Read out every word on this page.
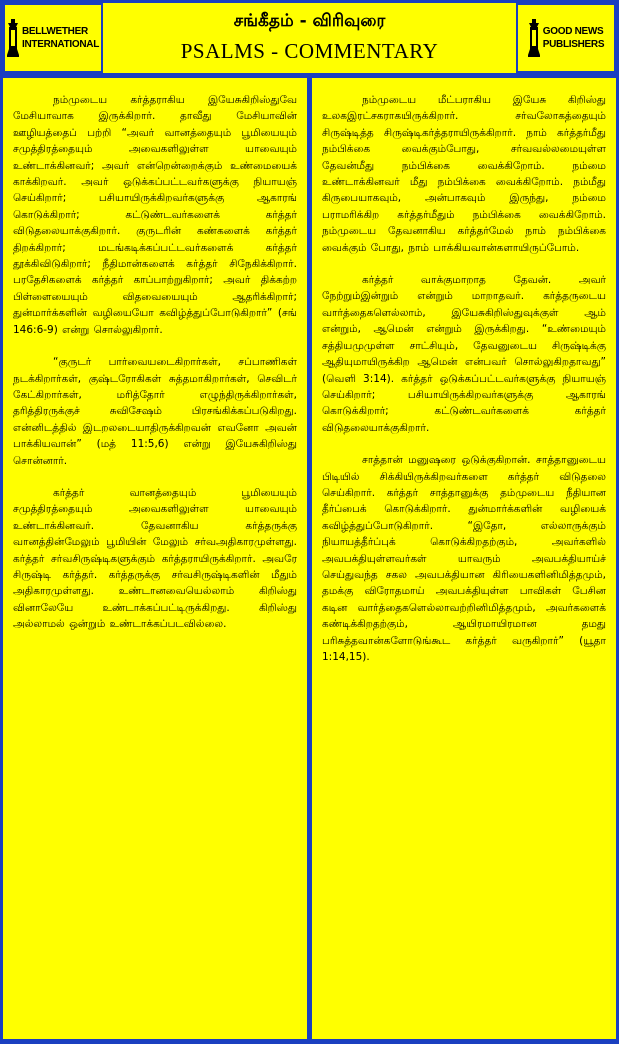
BELLWETHER
INTERNATIONAL
சங்கீதம் - விரிவுரை
PSALMS - COMMENTARY
GOOD NEWS
PUBLISHERS

நம்முடைய கர்த்தராகிய இயேசுகிறிஸ்துவே மேசியாவாக இருக்கிறார். தாவீது மேசியாவின் ஊழியத்தைப் பற்றி “அவர் வானத்தையும் பூமியையும் சமுத்திரத்தையும் அவைகளிலுள்ள யாவையும் உண்டாக்கினவர்; அவர் என்றென்றைக்கும் உண்மையைக் காக்கிறவர். அவர் ஒடுக்கப்பட்டவர்களுக்கு நியாயஞ் செய்கிறார்; பசியாயிருக்கிறவர்களுக்கு ஆகாரங் கொடுக்கிறார்; கட்டுண்டவர்களைக் கர்த்தர் விடுதலையாக்குகிறார். குருடரின் கண்களைக் கர்த்தர் திறக்கிறார்; மடங்கடிக்கப்பட்டவர்களைக் கர்த்தர் தூக்கிவிடுகிறார்; நீதிமான்களைக் கர்த்தர் சிநேகிக்கிறார். பரதேசிகளைக் கர்த்தர் காப்பாற்றுகிறார்; அவர் திக்கற்ற பிள்ளையையும் விதவையையும் ஆதரிக்கிறார்; துன்மார்க்களின் வழியையோ கவிழ்த்துப்போடுகிறார்” (சங் 146:6-9) என்று சொல்லுகிறார்.

“குருடர் பார்வையடைகிறார்கள், சப்பாணிகள் நடக்கிறார்கள், குஷ்டரோகிகள் சுத்தமாகிறார்கள், செவிடர் கேட்கிறார்கள், மரித்தோர் எழுந்திருக்கிறார்கள், தரித்திரருக்குச் சுவிசேஷம் பிரசங்கிக்கப்படுகிறது. என்னிடத்தில் இடறலடையாதிருக்கிறவன் எவனோ அவன் பாக்கியவான்” (மத் 11:5,6) என்று இயேசுகிறிஸ்து சொன்னார்.

கர்த்தர் வானத்தையும் பூமியையும் சமுத்திரத்தையும் அவைகளிலுள்ள யாவையும் உண்டாக்கினவர். தேவனாகிய கர்த்தருக்கு வானத்தின்மேலும் பூமியின் மேலும் சர்வஅதிகாரமுள்ளது. கர்த்தர் சர்வசிருஷ்டிகளுக்கும் கர்த்தராயிருக்கிறார். அவரே சிருஷ்டி கர்த்தர். கர்த்தருக்கு சர்வசிருஷ்டிகளின் மீதும் அதிகாரமுள்ளது. உண்டானவையெல்லாம் கிறிஸ்து வினாலேயே உண்டாக்கப்பட்டிருக்கிறது. கிறிஸ்து அல்லாமல் ஒன்றும் உண்டாக்கப்படவில்லை.

நம்முடைய மீட்பராகிய இயேசு கிறிஸ்து உலகஇரட்சகராகயிருக்கிறார். சர்வலோகத்தையும் சிருஷ்டித்த சிருஷ்டிகர்த்தராயிருக்கிறார். நாம் கர்த்தர்மீது நம்பிக்கை வைக்கும்போது, சர்வவல்லமையுள்ள தேவன்மீது நம்பிக்கை வைக்கிறோம். நம்மை உண்டாக்கினவர் மீது நம்பிக்கை வைக்கிறோம். நம்மீது கிருபையாகவும், அன்பாகவும் இருந்து, நம்மை பராமரிக்கிற கர்த்தர்மீதும் நம்பிக்கை வைக்கிறோம். நம்முடைய தேவனாகிய கர்த்தர்மேல் நாம் நம்பிக்கை வைக்கும் போது, நாம் பாக்கியவான்களாயிருப்போம்.

கர்த்தர் வாக்குமாறாத தேவன். அவர் நேற்றும்இன்றும் என்றும் மாறாதவர். கர்த்தருடைய வார்த்தைகளெல்லாம், இயேசுகிறிஸ்துவுக்குள் ஆம் என்றும், ஆமென் என்றும் இருக்கிறது. “உண்மையும் சத்தியமுமுள்ள சாட்சியும், தேவனுடைய சிருஷ்டிக்கு ஆதியுமாயிருக்கிற ஆமென் என்பவர் சொல்லுகிறதாவது” (வெளி 3:14). கர்த்தர் ஒடுக்கப்பட்டவர்களுக்கு நியாயஞ் செய்கிறார்; பசியாயிருக்கிறவர்களுக்கு ஆகாரங் கொடுக்கிறார்; கட்டுண்டவர்களைக் கர்த்தர் விடுதலையாக்குகிறார்.

சாத்தான் மனுஷரை ஒடுக்குகிறான். சாத்தானுடைய பிடியில் சிக்கியிருக்கிறவர்களை கர்த்தர் விடுதலை செய்கிறார். கர்த்தர் சாத்தானுக்கு தம்முடைய நீதியான தீர்ப்பைக் கொடுக்கிறார். துன்மார்க்களின் வழியைக் கவிழ்த்துப்போடுகிறார். “இதோ, எல்லாருக்கும் நியாயத்தீர்ப்புக் கொடுக்கிறதற்கும், அவர்களில் அவபக்தியுள்ளவர்கள் யாவரும் அவபக்தியாய்ச் செய்துவந்த சகல அவபக்தியான கிரியைகளினிமித்தமும், தமக்கு விரோதமாய் அவபக்தியுள்ள பாவிகள் பேசின கடின வார்த்தைகளெல்லாவற்றினிமித்தமும், அவர்களைக் கண்டிக்கிறதற்கும், ஆயிரமாயிரமான தமது பரிசுத்தவான்களோடுங்கூட கர்த்தர் வருகிறார்” (யூதா 1:14,15).
